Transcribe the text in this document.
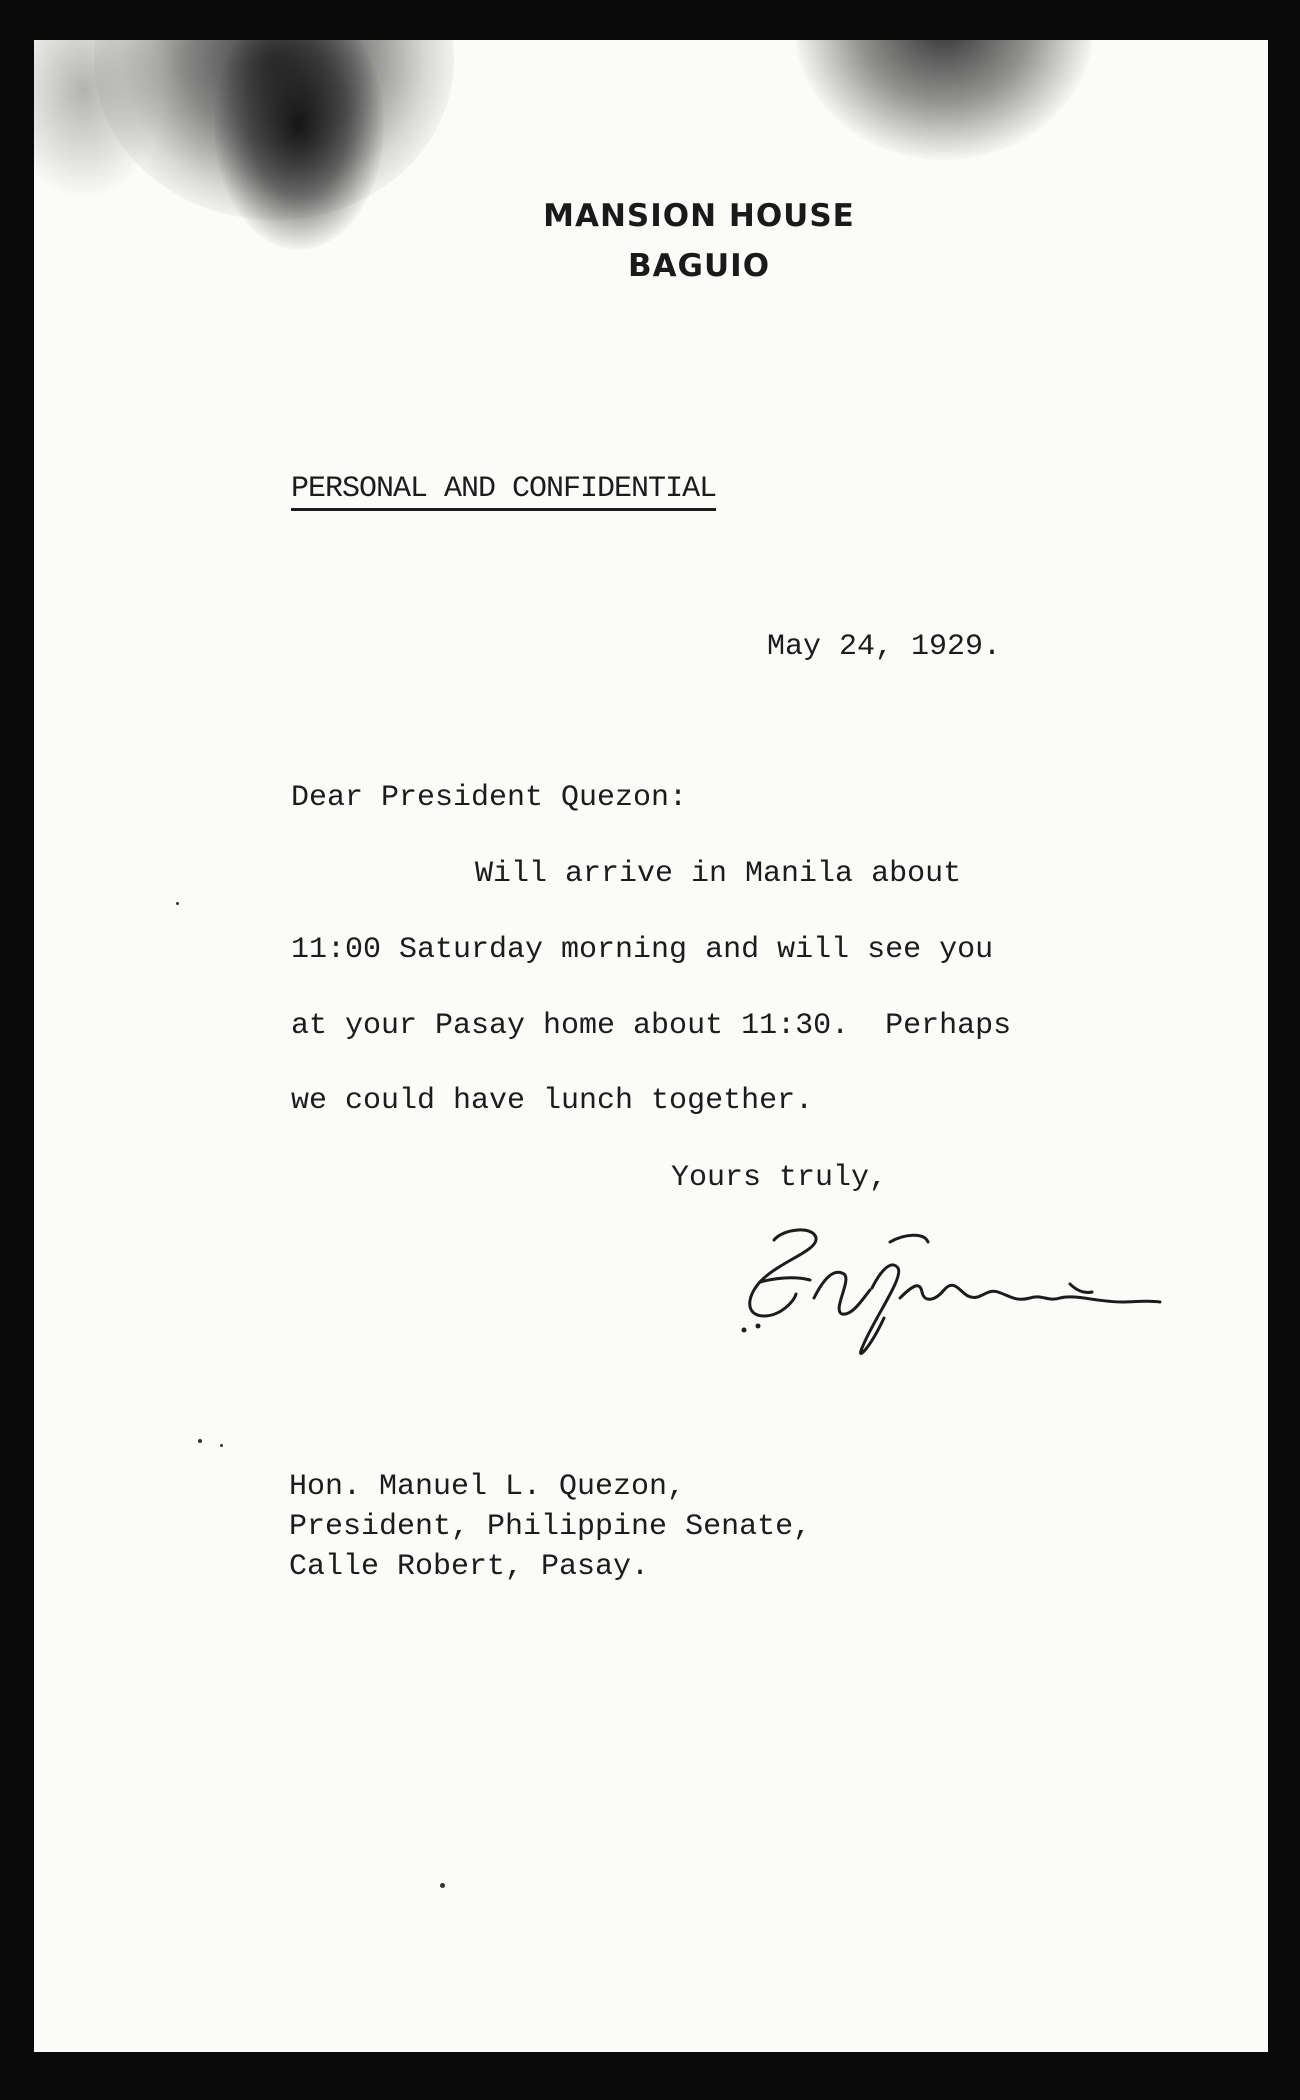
MANSION HOUSE
BAGUIO

PERSONAL AND CONFIDENTIAL

May 24, 1929.

Dear President Quezon:

Will arrive in Manila about

11:00 Saturday morning and will see you

at your Pasay home about 11:30.  Perhaps

we could have lunch together.

Yours truly,

Hon. Manuel L. Quezon,

President, Philippine Senate,

Calle Robert, Pasay.
